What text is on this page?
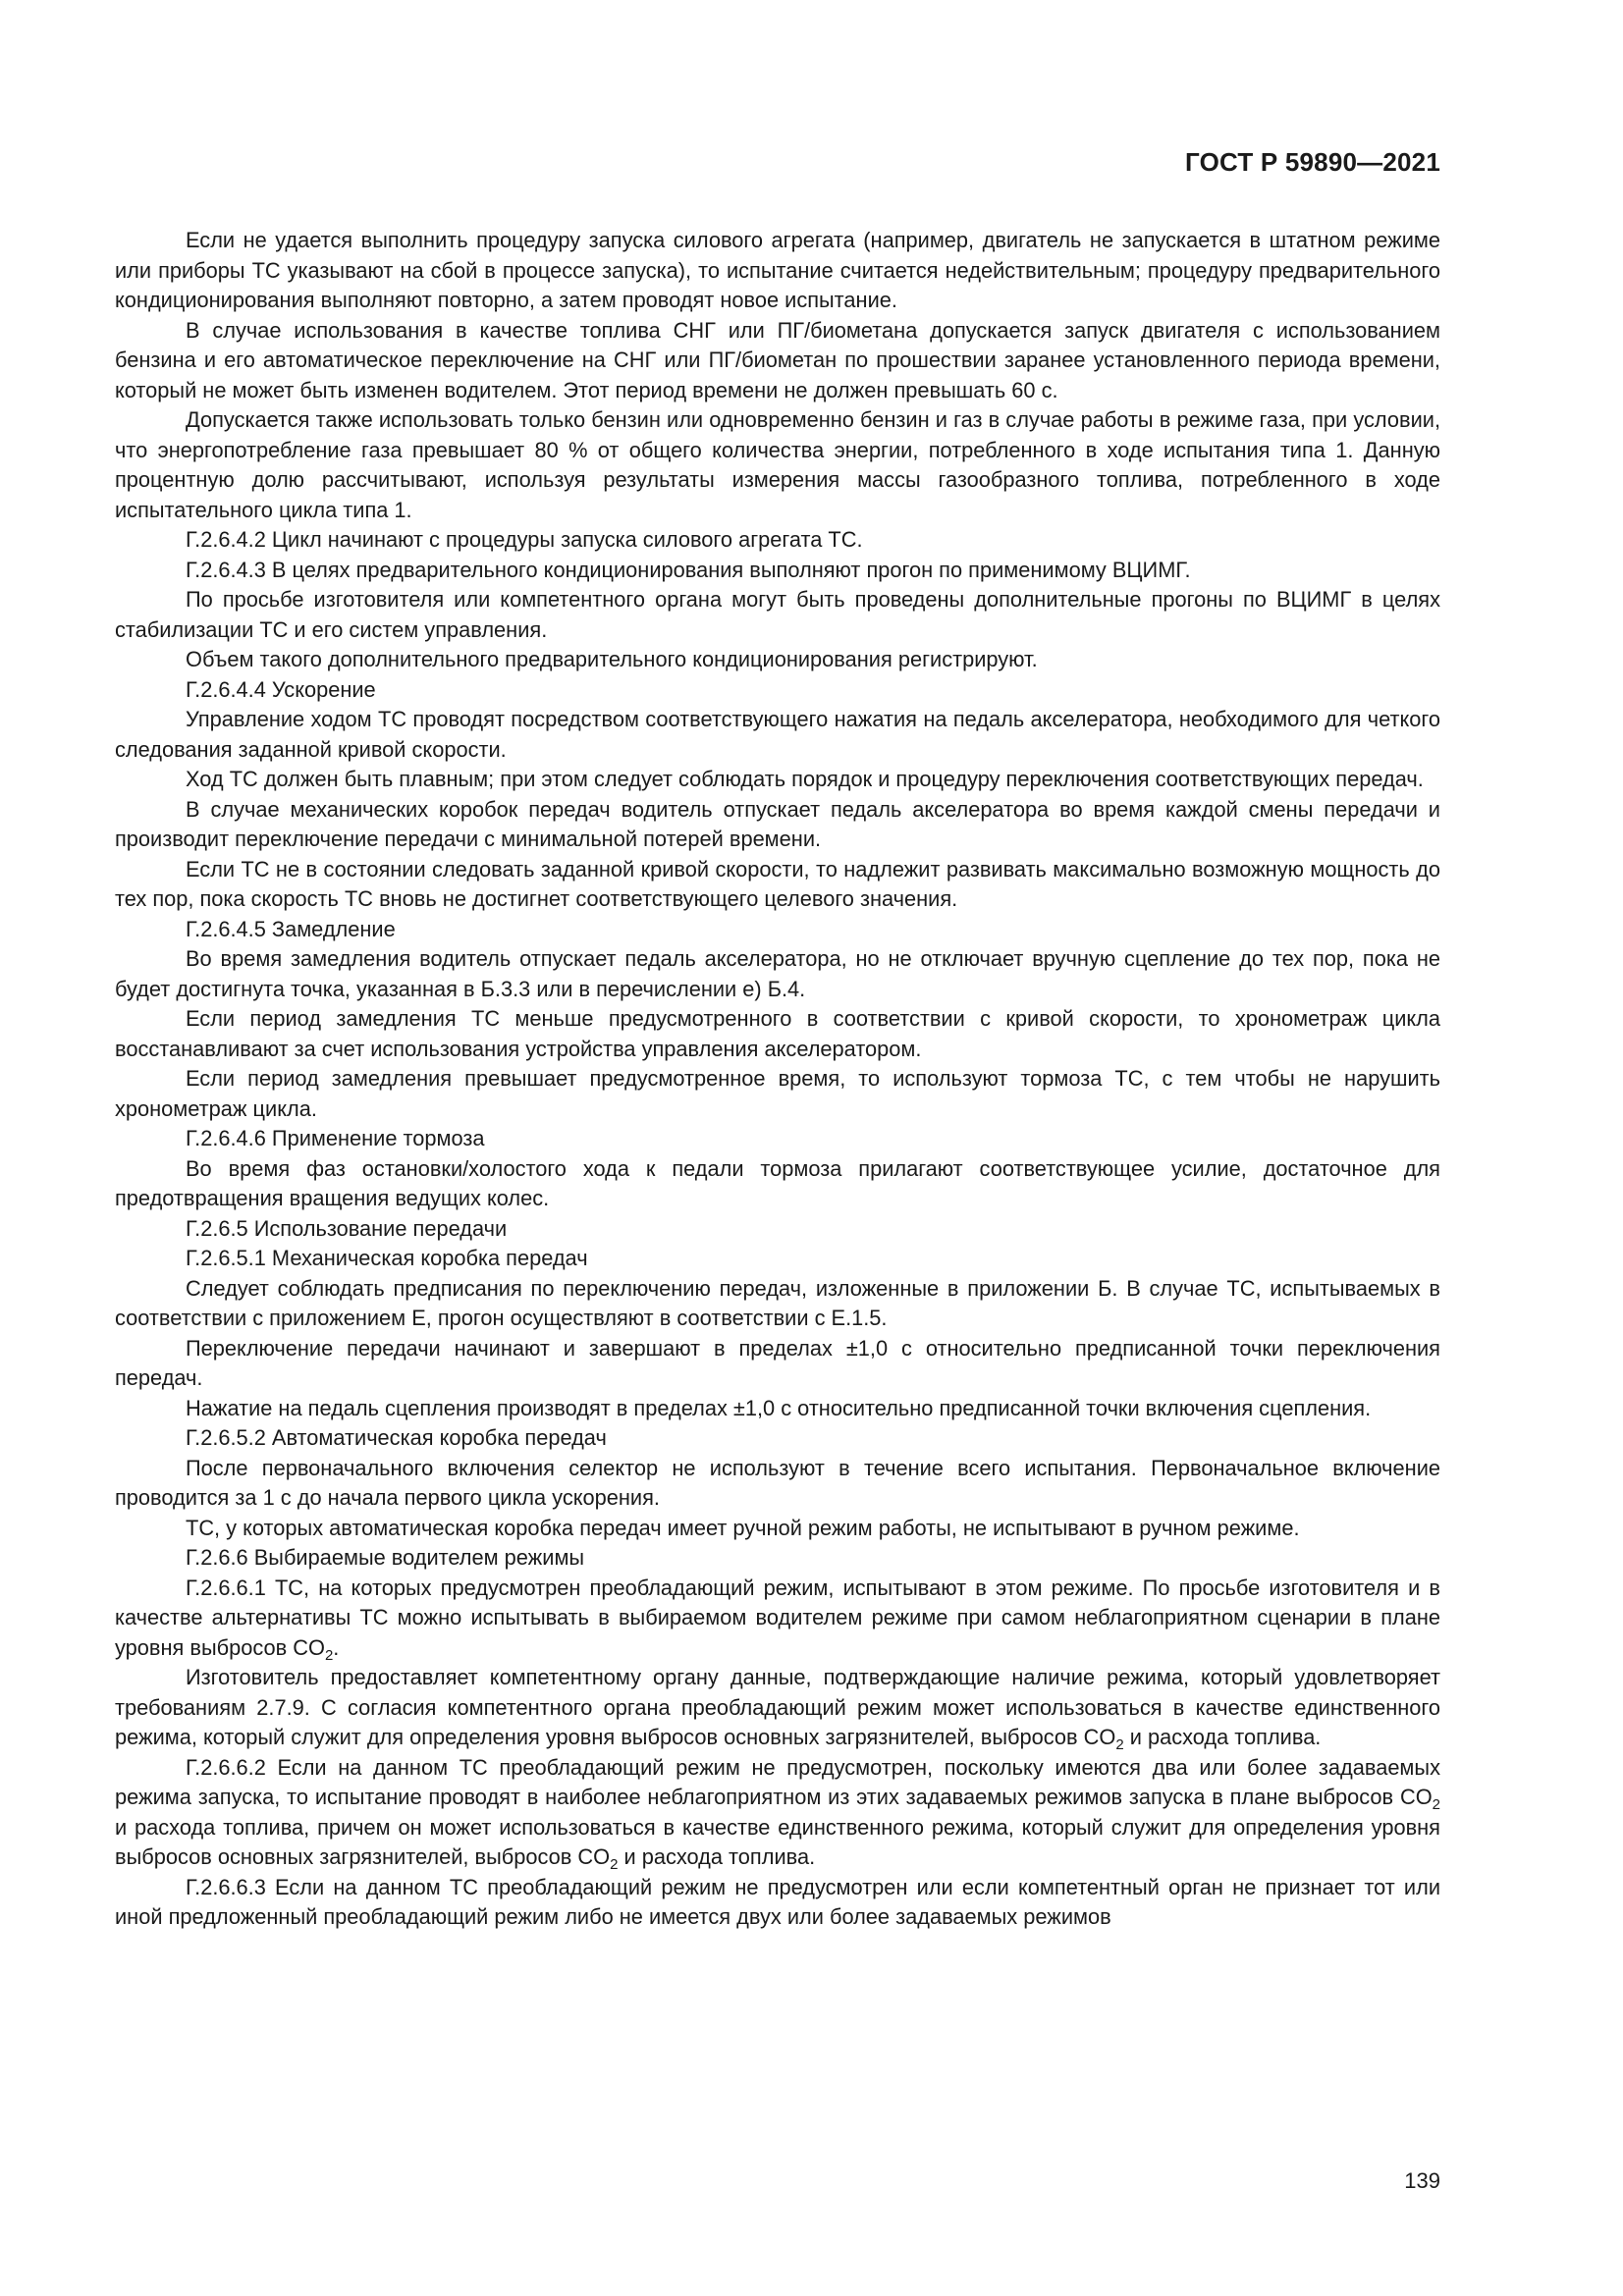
ГОСТ Р 59890—2021

Если не удается выполнить процедуру запуска силового агрегата (например, двигатель не запускается в штатном режиме или приборы ТС указывают на сбой в процессе запуска), то испытание считается недействительным; процедуру предварительного кондиционирования выполняют повторно, а затем проводят новое испытание.

В случае использования в качестве топлива СНГ или ПГ/биометана допускается запуск двигателя с использованием бензина и его автоматическое переключение на СНГ или ПГ/биометан по прошествии заранее установленного периода времени, который не может быть изменен водителем. Этот период времени не должен превышать 60 с.

Допускается также использовать только бензин или одновременно бензин и газ в случае работы в режиме газа, при условии, что энергопотребление газа превышает 80 % от общего количества энергии, потребленного в ходе испытания типа 1. Данную процентную долю рассчитывают, используя результаты измерения массы газообразного топлива, потребленного в ходе испытательного цикла типа 1.

Г.2.6.4.2 Цикл начинают с процедуры запуска силового агрегата ТС.

Г.2.6.4.3 В целях предварительного кондиционирования выполняют прогон по применимому ВЦИМГ.

По просьбе изготовителя или компетентного органа могут быть проведены дополнительные прогоны по ВЦИМГ в целях стабилизации ТС и его систем управления.

Объем такого дополнительного предварительного кондиционирования регистрируют.

Г.2.6.4.4 Ускорение

Управление ходом ТС проводят посредством соответствующего нажатия на педаль акселератора, необходимого для четкого следования заданной кривой скорости.

Ход ТС должен быть плавным; при этом следует соблюдать порядок и процедуру переключения соответствующих передач.

В случае механических коробок передач водитель отпускает педаль акселератора во время каждой смены передачи и производит переключение передачи с минимальной потерей времени.

Если ТС не в состоянии следовать заданной кривой скорости, то надлежит развивать максимально возможную мощность до тех пор, пока скорость ТС вновь не достигнет соответствующего целевого значения.

Г.2.6.4.5 Замедление

Во время замедления водитель отпускает педаль акселератора, но не отключает вручную сцепление до тех пор, пока не будет достигнута точка, указанная в Б.3.3 или в перечислении е) Б.4.

Если период замедления ТС меньше предусмотренного в соответствии с кривой скорости, то хронометраж цикла восстанавливают за счет использования устройства управления акселератором.

Если период замедления превышает предусмотренное время, то используют тормоза ТС, с тем чтобы не нарушить хронометраж цикла.

Г.2.6.4.6 Применение тормоза

Во время фаз остановки/холостого хода к педали тормоза прилагают соответствующее усилие, достаточное для предотвращения вращения ведущих колес.

Г.2.6.5 Использование передачи

Г.2.6.5.1 Механическая коробка передач

Следует соблюдать предписания по переключению передач, изложенные в приложении Б. В случае ТС, испытываемых в соответствии с приложением Е, прогон осуществляют в соответствии с Е.1.5.

Переключение передачи начинают и завершают в пределах ±1,0 с относительно предписанной точки переключения передач.

Нажатие на педаль сцепления производят в пределах ±1,0 с относительно предписанной точки включения сцепления.

Г.2.6.5.2 Автоматическая коробка передач

После первоначального включения селектор не используют в течение всего испытания. Первоначальное включение проводится за 1 с до начала первого цикла ускорения.

ТС, у которых автоматическая коробка передач имеет ручной режим работы, не испытывают в ручном режиме.

Г.2.6.6 Выбираемые водителем режимы

Г.2.6.6.1 ТС, на которых предусмотрен преобладающий режим, испытывают в этом режиме. По просьбе изготовителя и в качестве альтернативы ТС можно испытывать в выбираемом водителем режиме при самом неблагоприятном сценарии в плане уровня выбросов $CO_2$.

Изготовитель предоставляет компетентному органу данные, подтверждающие наличие режима, который удовлетворяет требованиям 2.7.9. С согласия компетентного органа преобладающий режим может использоваться в качестве единственного режима, который служит для определения уровня выбросов основных загрязнителей, выбросов $CO_2$ и расхода топлива.

Г.2.6.6.2 Если на данном ТС преобладающий режим не предусмотрен, поскольку имеются два или более задаваемых режима запуска, то испытание проводят в наиболее неблагоприятном из этих задаваемых режимов запуска в плане выбросов $CO_2$ и расхода топлива, причем он может использоваться в качестве единственного режима, который служит для определения уровня выбросов основных загрязнителей, выбросов $CO_2$ и расхода топлива.

Г.2.6.6.3 Если на данном ТС преобладающий режим не предусмотрен или если компетентный орган не признает тот или иной предложенный преобладающий режим либо не имеется двух или более задаваемых режимов

139
